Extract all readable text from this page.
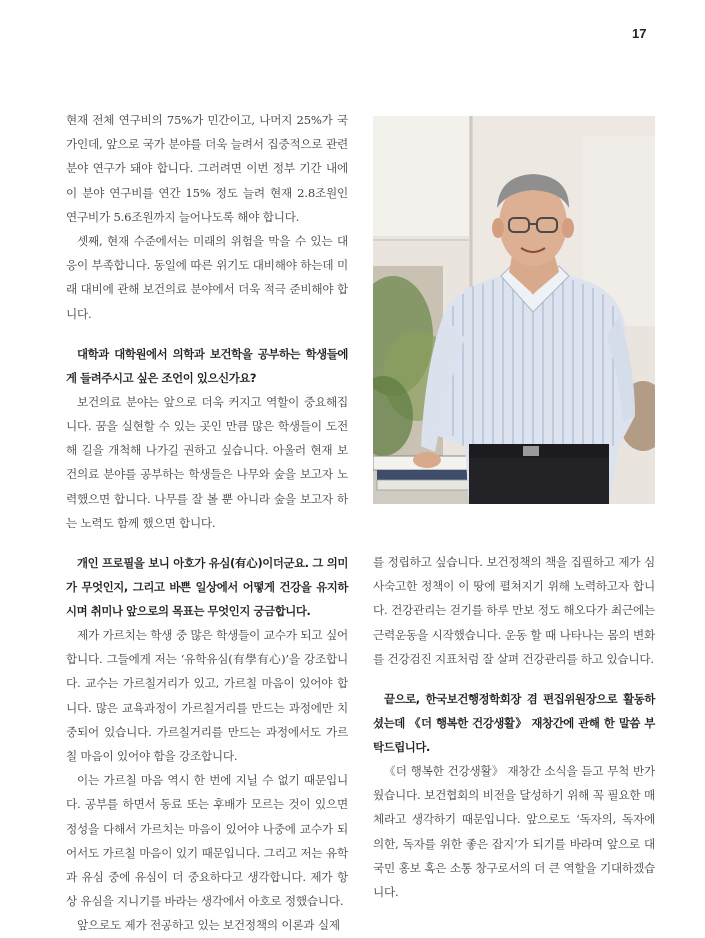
17

현재 전체 연구비의 75%가 민간이고, 나머지 25%가 국가인데, 앞으로 국가 분야를 더욱 늘려서 집중적으로 관련 분야 연구가 돼야 합니다. 그러려면 이번 정부 기간 내에 이 분야 연구비를 연간 15% 정도 늘려 현재 2.8조원인 연구비가 5.6조원까지 늘어나도록 해야 합니다.

셋째, 현재 수준에서는 미래의 위험을 막을 수 있는 대응이 부족합니다. 동일에 따른 위기도 대비해야 하는데 미래 대비에 관해 보건의료 분야에서 더욱 적극 준비해야 합니다.

대학과 대학원에서 의학과 보건학을 공부하는 학생들에게 들려주시고 싶은 조언이 있으신가요?

보건의료 분야는 앞으로 더욱 커지고 역할이 중요해집니다. 꿈을 실현할 수 있는 곳인 만큼 많은 학생들이 도전해 길을 개척해 나가길 권하고 싶습니다. 아울러 현재 보건의료 분야를 공부하는 학생들은 나무와 숲을 보고자 노력했으면 합니다. 나무를 잘 볼 뿐 아니라 숲을 보고자 하는 노력도 함께 했으면 합니다.

개인 프로필을 보니 아호가 유심(有心)이더군요. 그 의미가 무엇인지, 그리고 바쁜 일상에서 어떻게 건강을 유지하시며 취미나 앞으로의 목표는 무엇인지 궁금합니다.

제가 가르치는 학생 중 많은 학생들이 교수가 되고 싶어 합니다. 그들에게 저는 ‘유학유심(有學有心)’을 강조합니다. 교수는 가르칠거리가 있고, 가르칠 마음이 있어야 합니다. 많은 교육과정이 가르칠거리를 만드는 과정에만 치중되어 있습니다. 가르칠거리를 만드는 과정에서도 가르칠 마음이 있어야 함을 강조합니다.

이는 가르칠 마음 역시 한 번에 지닐 수 없기 때문입니다. 공부를 하면서 동료 또는 후배가 모르는 것이 있으면 정성을 다해서 가르치는 마음이 있어야 나중에 교수가 되어서도 가르칠 마음이 있기 때문입니다. 그리고 저는 유학과 유심 중에 유심이 더 중요하다고 생각합니다. 제가 항상 유심을 지니기를 바라는 생각에서 아호로 정했습니다.

앞으로도 제가 전공하고 있는 보건정책의 이론과 실제

를 정립하고 싶습니다. 보건정책의 책을 집필하고 제가 심사숙고한 정책이 이 땅에 펼쳐지기 위해 노력하고자 합니다. 건강관리는 걷기를 하루 만보 정도 해오다가 최근에는 근력운동을 시작했습니다. 운동 할 때 나타나는 몸의 변화를 건강검진 지표처럼 잘 살펴 건강관리를 하고 있습니다.

끝으로, 한국보건행정학회장 겸 편집위원장으로 활동하셨는데 《더 행복한 건강생활》 재창간에 관해 한 말씀 부탁드립니다.

《더 행복한 건강생활》 재창간 소식을 듣고 무척 반가웠습니다. 보건협회의 비전을 달성하기 위해 꼭 필요한 매체라고 생각하기 때문입니다. 앞으로도 ‘독자의, 독자에 의한, 독자를 위한 좋은 잡지’가 되기를 바라며 앞으로 대국민 홍보 혹은 소통 창구로서의 더 큰 역할을 기대하겠습니다.
